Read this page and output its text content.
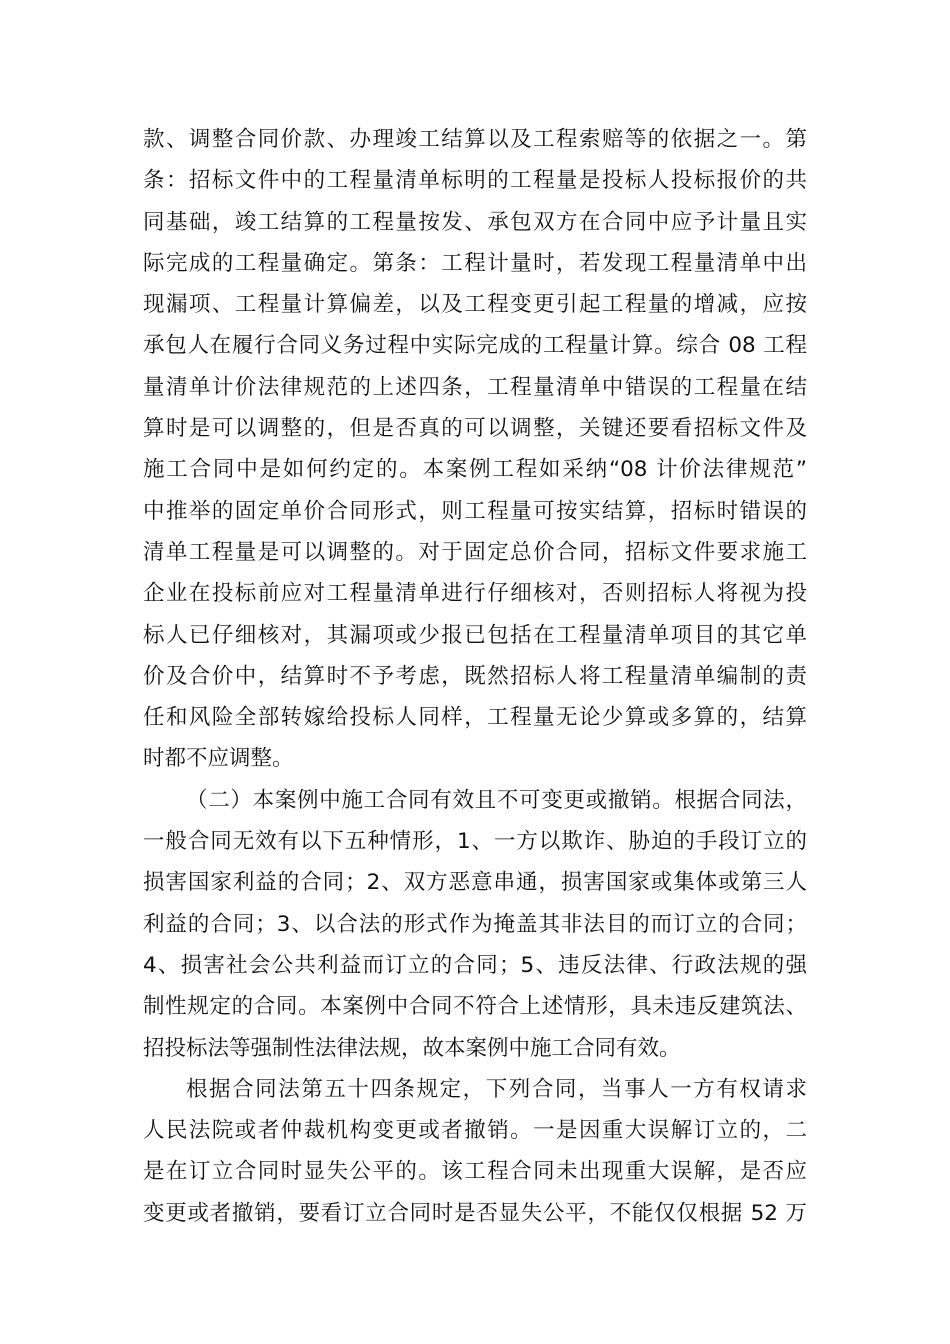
款、调整合同价款、办理竣工结算以及工程索赔等的依据之一。第
条：招标文件中的工程量清单标明的工程量是投标人投标报价的共
同基础，竣工结算的工程量按发、承包双方在合同中应予计量且实
际完成的工程量确定。第条：工程计量时，若发现工程量清单中出
现漏项、工程量计算偏差，以及工程变更引起工程量的增减，应按
承包人在履行合同义务过程中实际完成的工程量计算。综合 08 工程
量清单计价法律规范的上述四条，工程量清单中错误的工程量在结
算时是可以调整的，但是否真的可以调整，关键还要看招标文件及
施工合同中是如何约定的。本案例工程如采纳“08 计价法律规范”
中推举的固定单价合同形式，则工程量可按实结算，招标时错误的
清单工程量是可以调整的。对于固定总价合同，招标文件要求施工
企业在投标前应对工程量清单进行仔细核对，否则招标人将视为投
标人已仔细核对，其漏项或少报已包括在工程量清单项目的其它单
价及合价中，结算时不予考虑，既然招标人将工程量清单编制的责
任和风险全部转嫁给投标人同样，工程量无论少算或多算的，结算
时都不应调整。
（二）本案例中施工合同有效且不可变更或撤销。根据合同法，
一般合同无效有以下五种情形，1、一方以欺诈、胁迫的手段订立的
损害国家利益的合同；2、双方恶意串通，损害国家或集体或第三人
利益的合同；3、以合法的形式作为掩盖其非法目的而订立的合同；
4、损害社会公共利益而订立的合同；5、违反法律、行政法规的强
制性规定的合同。本案例中合同不符合上述情形，具未违反建筑法、
招投标法等强制性法律法规，故本案例中施工合同有效。
根据合同法第五十四条规定，下列合同，当事人一方有权请求
人民法院或者仲裁机构变更或者撤销。一是因重大误解订立的，二
是在订立合同时显失公平的。该工程合同未出现重大误解，是否应
变更或者撤销，要看订立合同时是否显失公平，不能仅仅根据 52 万
